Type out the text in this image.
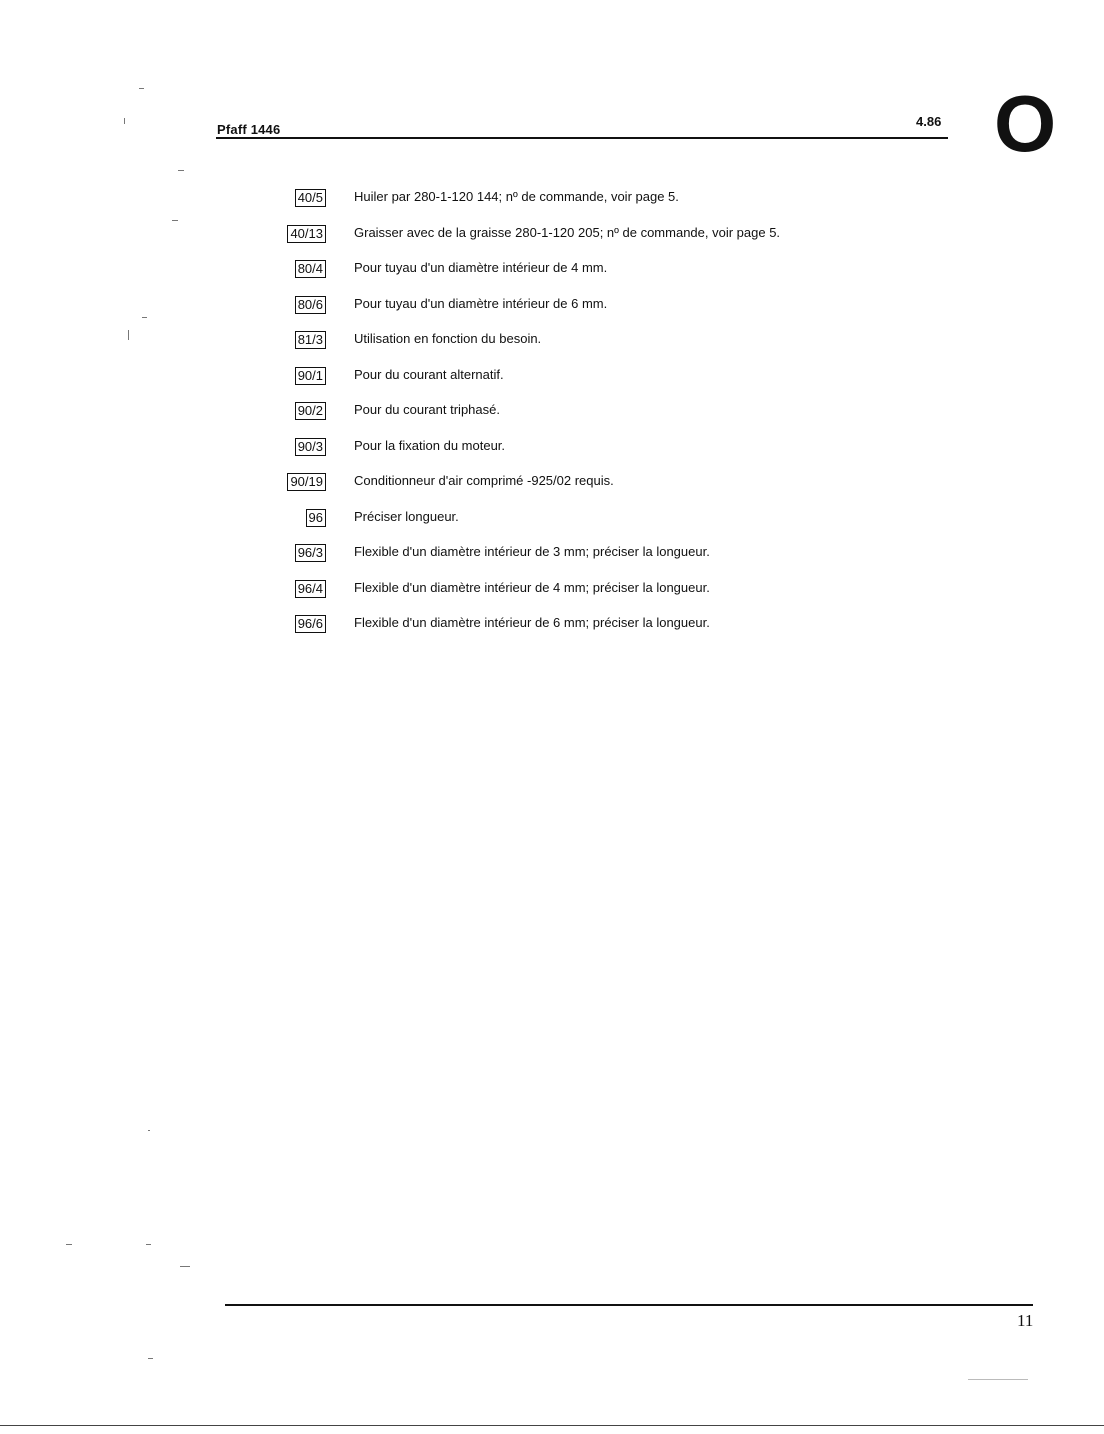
Pfaff 1446
4.86 O
40/5 Huiler par 280-1-120 144; nº de commande, voir page 5.
40/13 Graisser avec de la graisse 280-1-120 205; nº de commande, voir page 5.
80/4 Pour tuyau d'un diamètre intérieur de 4 mm.
80/6 Pour tuyau d'un diamètre intérieur de 6 mm.
81/3 Utilisation en fonction du besoin.
90/1 Pour du courant alternatif.
90/2 Pour du courant triphasé.
90/3 Pour la fixation du moteur.
90/19 Conditionneur d'air comprimé -925/02 requis.
96 Préciser longueur.
96/3 Flexible d'un diamètre intérieur de 3 mm; préciser la longueur.
96/4 Flexible d'un diamètre intérieur de 4 mm; préciser la longueur.
96/6 Flexible d'un diamètre intérieur de 6 mm; préciser la longueur.
11
